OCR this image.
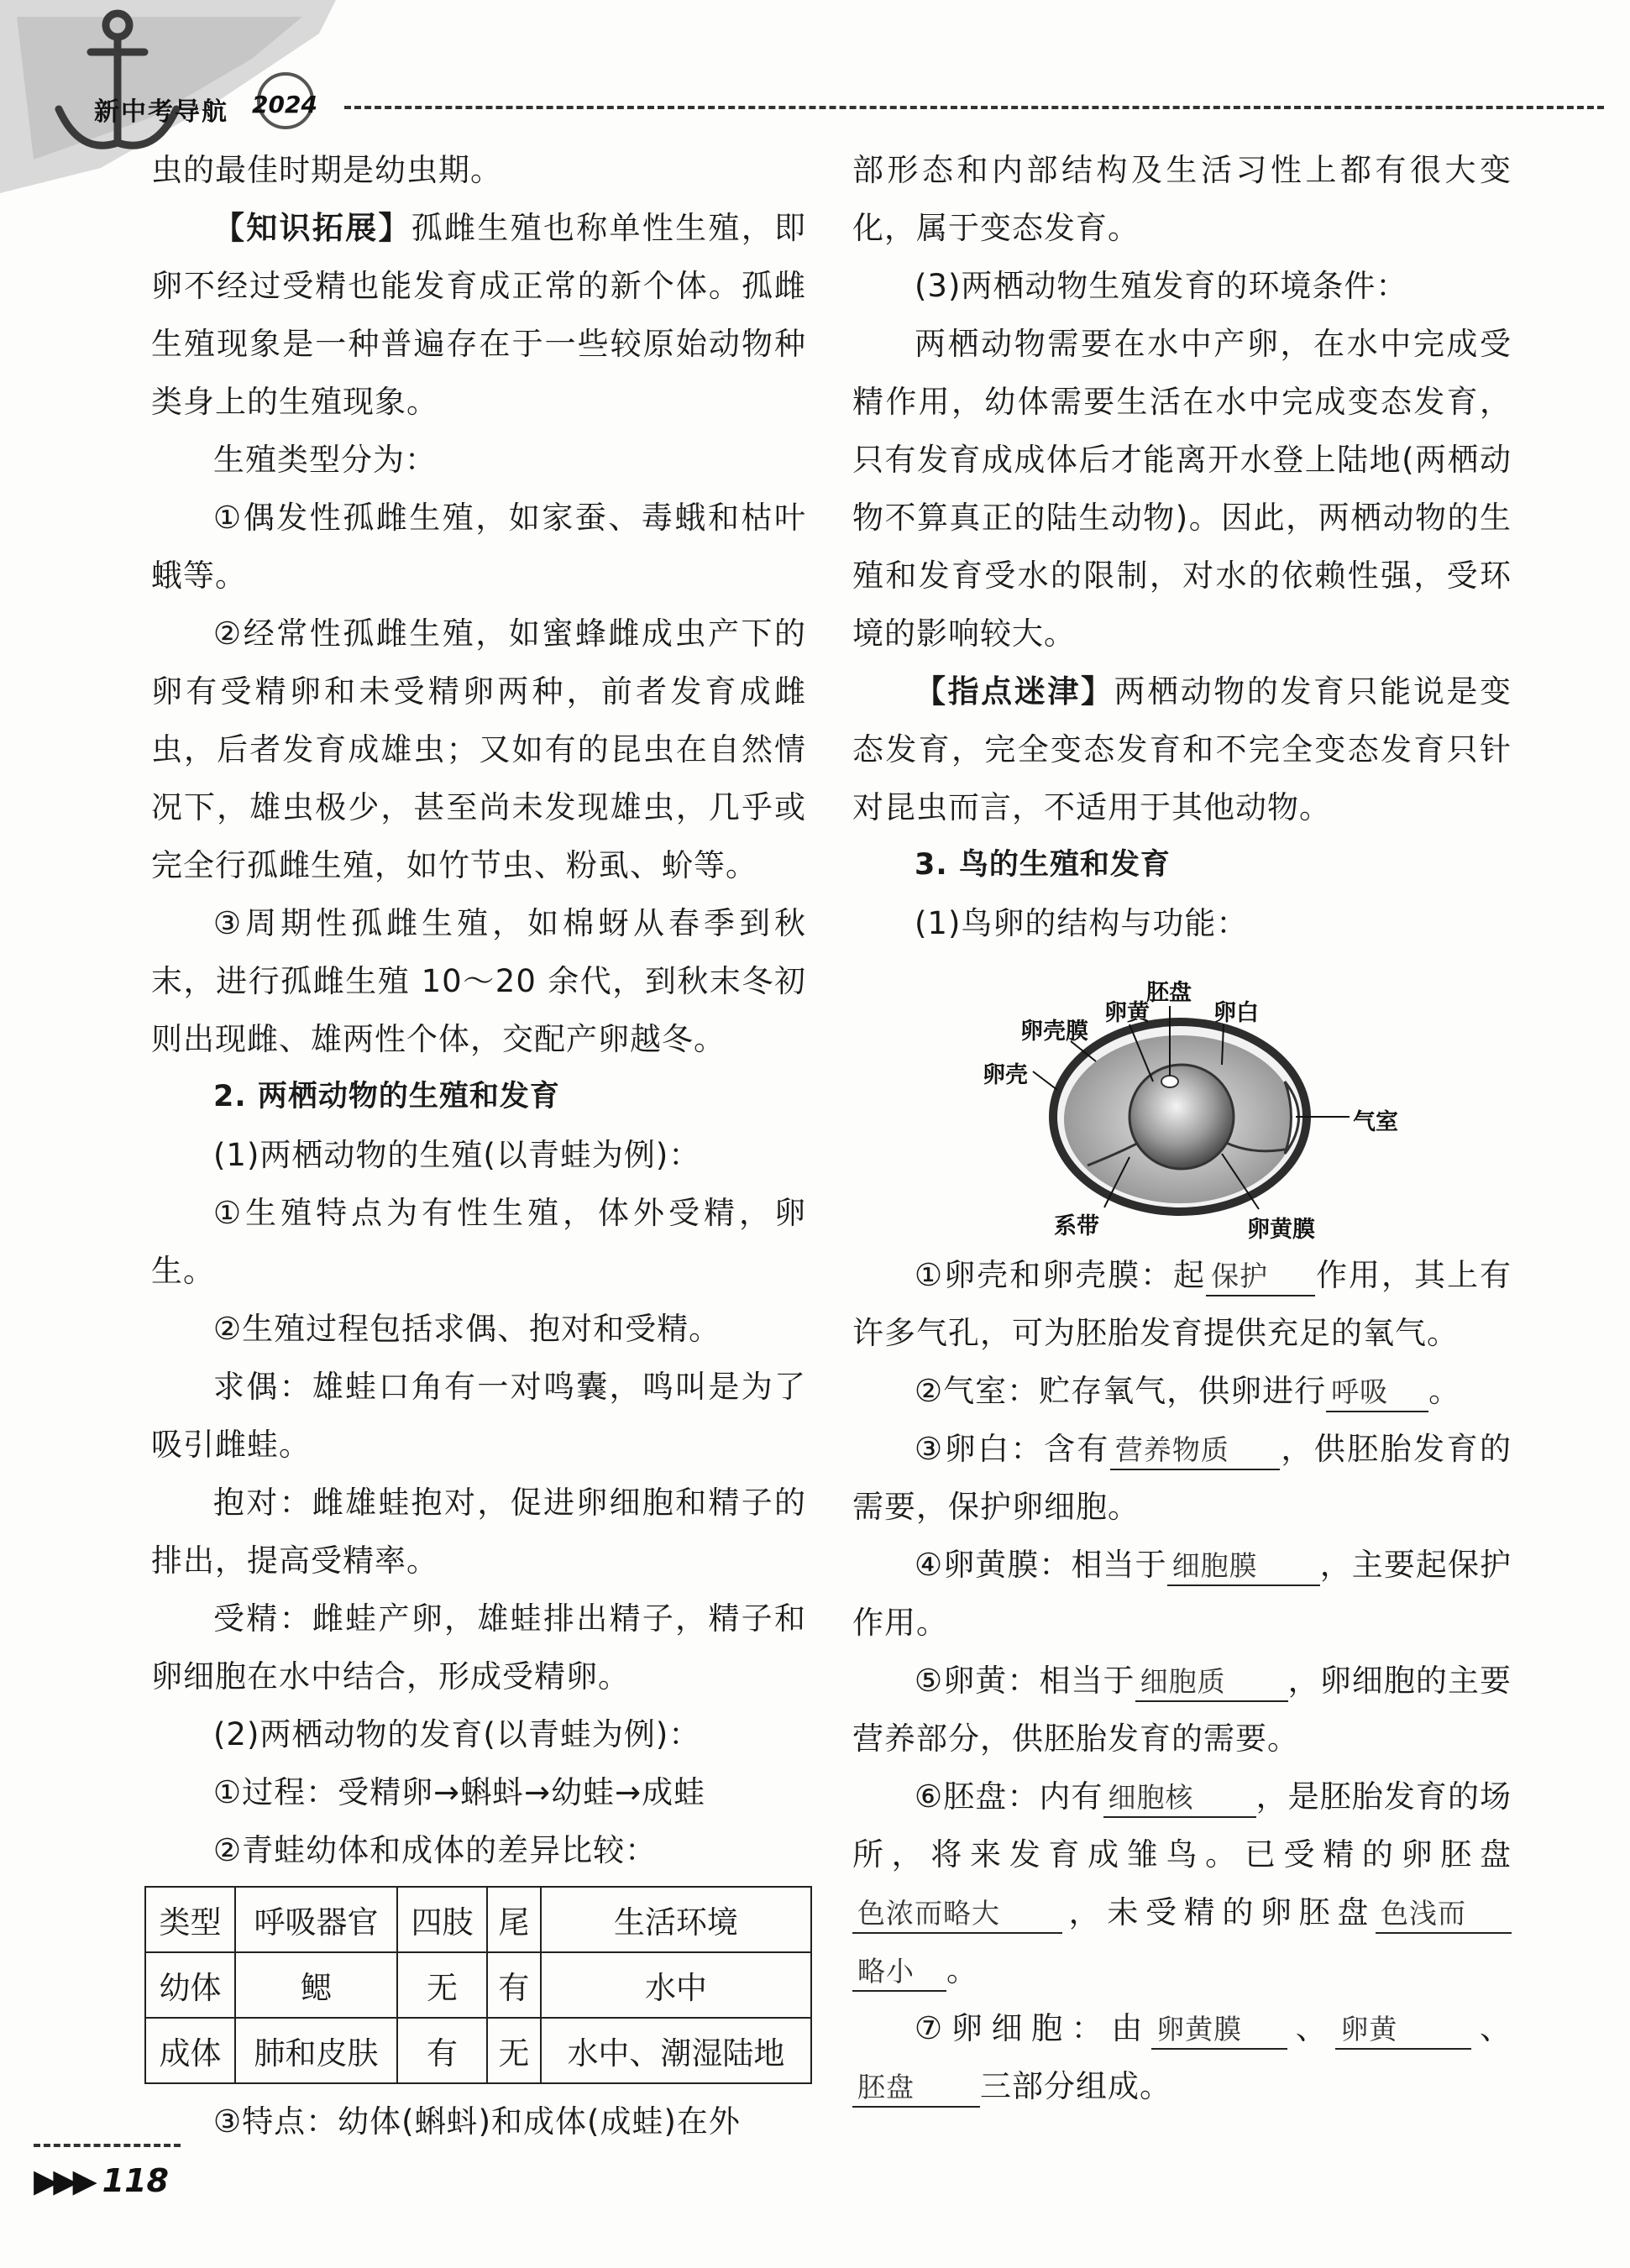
新中考导航 2024

虫的最佳时期是幼虫期。

【知识拓展】孤雌生殖也称单性生殖，即卵不经过受精也能发育成正常的新个体。孤雌生殖现象是一种普遍存在于一些较原始动物种类身上的生殖现象。

生殖类型分为：

①偶发性孤雌生殖，如家蚕、毒蛾和枯叶蛾等。

②经常性孤雌生殖，如蜜蜂雌成虫产下的卵有受精卵和未受精卵两种，前者发育成雌虫，后者发育成雄虫；又如有的昆虫在自然情况下，雄虫极少，甚至尚未发现雄虫，几乎或完全行孤雌生殖，如竹节虫、粉虱、蚧等。

③周期性孤雌生殖，如棉蚜从春季到秋末，进行孤雌生殖 10～20 余代，到秋末冬初则出现雌、雄两性个体，交配产卵越冬。

2. 两栖动物的生殖和发育

(1)两栖动物的生殖(以青蛙为例)：

①生殖特点为有性生殖，体外受精，卵生。

②生殖过程包括求偶、抱对和受精。

求偶：雄蛙口角有一对鸣囊，鸣叫是为了吸引雌蛙。

抱对：雌雄蛙抱对，促进卵细胞和精子的排出，提高受精率。

受精：雌蛙产卵，雄蛙排出精子，精子和卵细胞在水中结合，形成受精卵。

(2)两栖动物的发育(以青蛙为例)：

①过程：受精卵→蝌蚪→幼蛙→成蛙

②青蛙幼体和成体的差异比较：

类型	呼吸器官	四肢	尾	生活环境
幼体	鳃	无	有	水中
成体	肺和皮肤	有	无	水中、潮湿陆地

③特点：幼体(蝌蚪)和成体(成蛙)在外

部形态和内部结构及生活习性上都有很大变化，属于变态发育。

(3)两栖动物生殖发育的环境条件：

两栖动物需要在水中产卵，在水中完成受精作用，幼体需要生活在水中完成变态发育，只有发育成成体后才能离开水登上陆地(两栖动物不算真正的陆生动物)。因此，两栖动物的生殖和发育受水的限制，对水的依赖性强，受环境的影响较大。

【指点迷津】两栖动物的发育只能说是变态发育，完全变态发育和不完全变态发育只针对昆虫而言，不适用于其他动物。

3. 鸟的生殖和发育

(1)鸟卵的结构与功能：

胚盘
卵黄	卵白
卵壳膜
卵壳
气室
系带	卵黄膜

①卵壳和卵壳膜：起 保护 作用，其上有许多气孔，可为胚胎发育提供充足的氧气。

②气室：贮存氧气，供卵进行 呼吸 。

③卵白：含有 营养物质 ，供胚胎发育的需要，保护卵细胞。

④卵黄膜：相当于 细胞膜 ，主要起保护作用。

⑤卵黄：相当于 细胞质 ，卵细胞的主要营养部分，供胚胎发育的需要。

⑥胚盘：内有 细胞核 ，是胚胎发育的场所，将来发育成雏鸟。已受精的卵胚盘色浓而略大 ，未受精的卵胚盘 色浅而略小 。

⑦卵细胞：由 卵黄膜 、 卵黄 、胚盘 三部分组成。

▶▶▶ 118
